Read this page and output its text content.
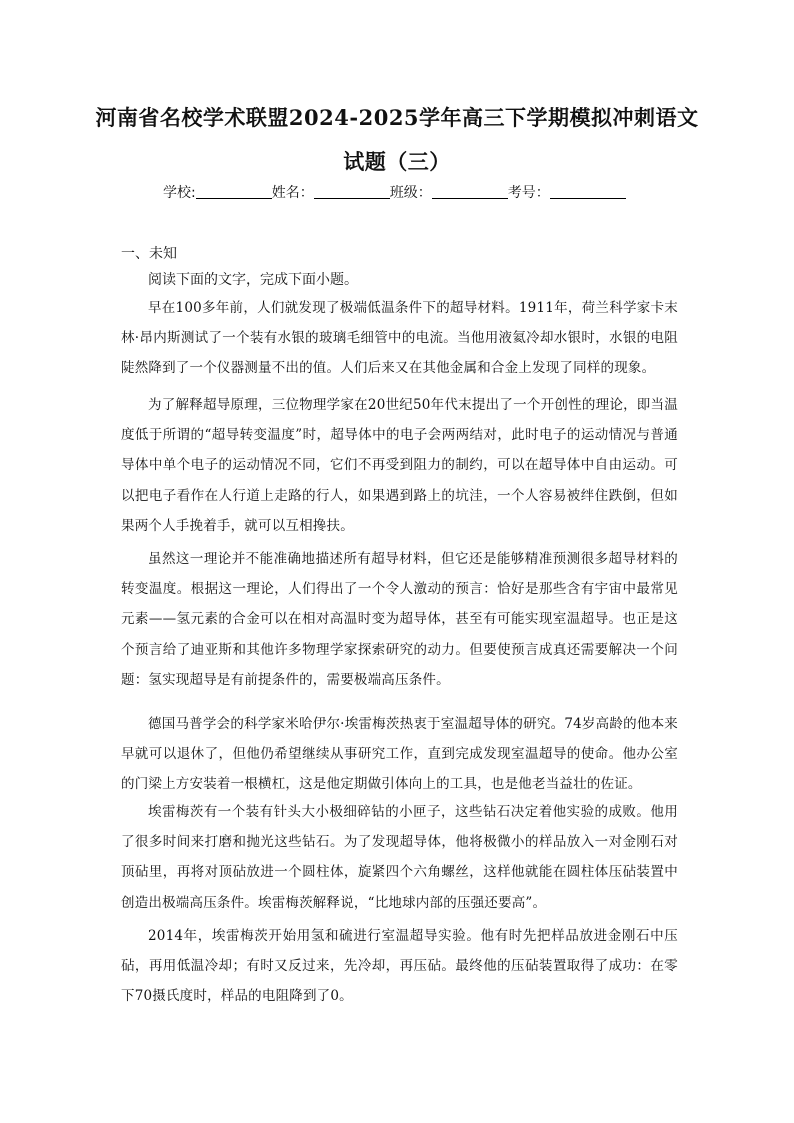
河南省名校学术联盟2024-2025学年高三下学期模拟冲刺语文
试题（三）
学校:	姓名：	班级：	考号：
一、未知
阅读下面的文字，完成下面小题。

早在100多年前，人们就发现了极端低温条件下的超导材料。1911年，荷兰科学家卡末林·昂内斯测试了一个装有水银的玻璃毛细管中的电流。当他用液氦冷却水银时，水银的电阻陡然降到了一个仪器测量不出的值。人们后来又在其他金属和合金上发现了同样的现象。

为了解释超导原理，三位物理学家在20世纪50年代末提出了一个开创性的理论，即当温度低于所谓的“超导转变温度”时，超导体中的电子会两两结对，此时电子的运动情况与普通导体中单个电子的运动情况不同，它们不再受到阻力的制约，可以在超导体中自由运动。可以把电子看作在人行道上走路的行人，如果遇到路上的坑洼，一个人容易被绊住跌倒，但如果两个人手挽着手，就可以互相搀扶。

虽然这一理论并不能准确地描述所有超导材料，但它还是能够精准预测很多超导材料的转变温度。根据这一理论，人们得出了一个令人激动的预言：恰好是那些含有宇宙中最常见元素——氢元素的合金可以在相对高温时变为超导体，甚至有可能实现室温超导。也正是这个预言给了迪亚斯和其他许多物理学家探索研究的动力。但要使预言成真还需要解决一个问题：氢实现超导是有前提条件的，需要极端高压条件。

德国马普学会的科学家米哈伊尔·埃雷梅茨热衷于室温超导体的研究。74岁高龄的他本来早就可以退休了，但他仍希望继续从事研究工作，直到完成发现室温超导的使命。他办公室的门梁上方安装着一根横杠，这是他定期做引体向上的工具，也是他老当益壮的佐证。

埃雷梅茨有一个装有针头大小极细碎钻的小匣子，这些钻石决定着他实验的成败。他用了很多时间来打磨和抛光这些钻石。为了发现超导体，他将极微小的样品放入一对金刚石对顶砧里，再将对顶砧放进一个圆柱体，旋紧四个六角螺丝，这样他就能在圆柱体压砧装置中创造出极端高压条件。埃雷梅茨解释说，“比地球内部的压强还要高”。

2014年，埃雷梅茨开始用氢和硫进行室温超导实验。他有时先把样品放进金刚石中压砧，再用低温冷却；有时又反过来，先冷却，再压砧。最终他的压砧装置取得了成功：在零下70摄氏度时，样品的电阻降到了0。
